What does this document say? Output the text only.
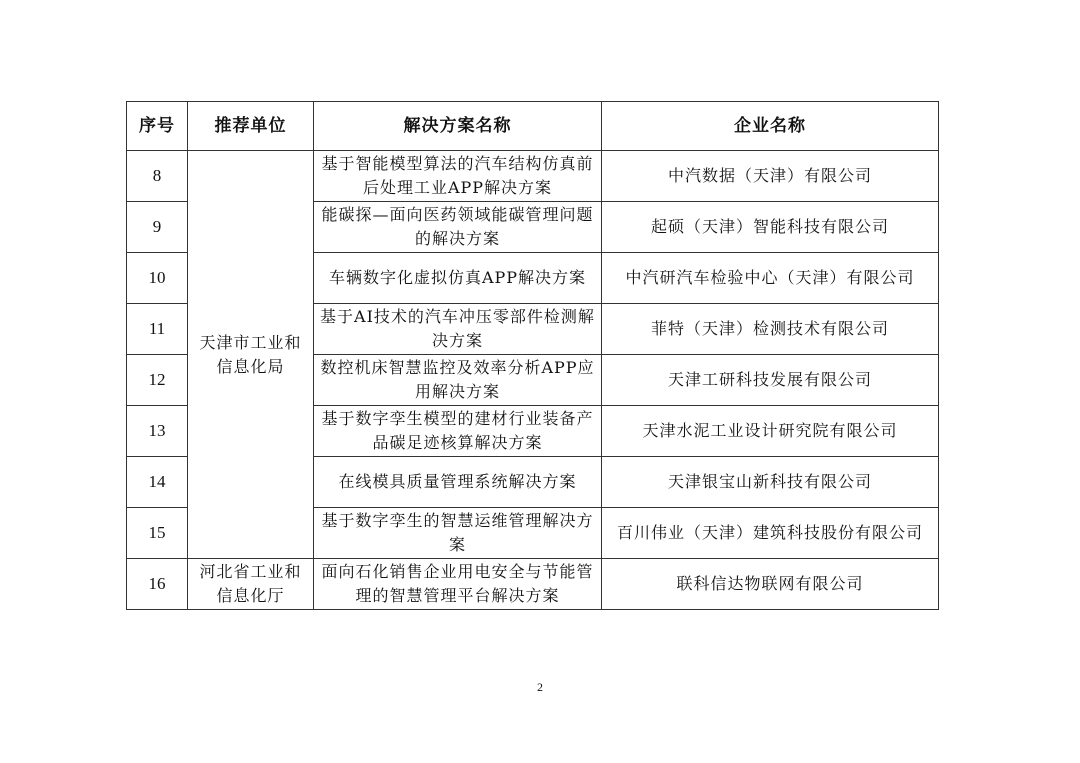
序号	推荐单位	解决方案名称	企业名称
8	天津市工业和信息化局	基于智能模型算法的汽车结构仿真前后处理工业APP解决方案	中汽数据（天津）有限公司
9		能碳探—面向医药领域能碳管理问题的解决方案	起硕（天津）智能科技有限公司
10		车辆数字化虚拟仿真APP解决方案	中汽研汽车检验中心（天津）有限公司
11		基于AI技术的汽车冲压零部件检测解决方案	菲特（天津）检测技术有限公司
12		数控机床智慧监控及效率分析APP应用解决方案	天津工研科技发展有限公司
13		基于数字孪生模型的建材行业装备产品碳足迹核算解决方案	天津水泥工业设计研究院有限公司
14		在线模具质量管理系统解决方案	天津银宝山新科技有限公司
15		基于数字孪生的智慧运维管理解决方案	百川伟业（天津）建筑科技股份有限公司
16	河北省工业和信息化厅	面向石化销售企业用电安全与节能管理的智慧管理平台解决方案	联科信达物联网有限公司
2
